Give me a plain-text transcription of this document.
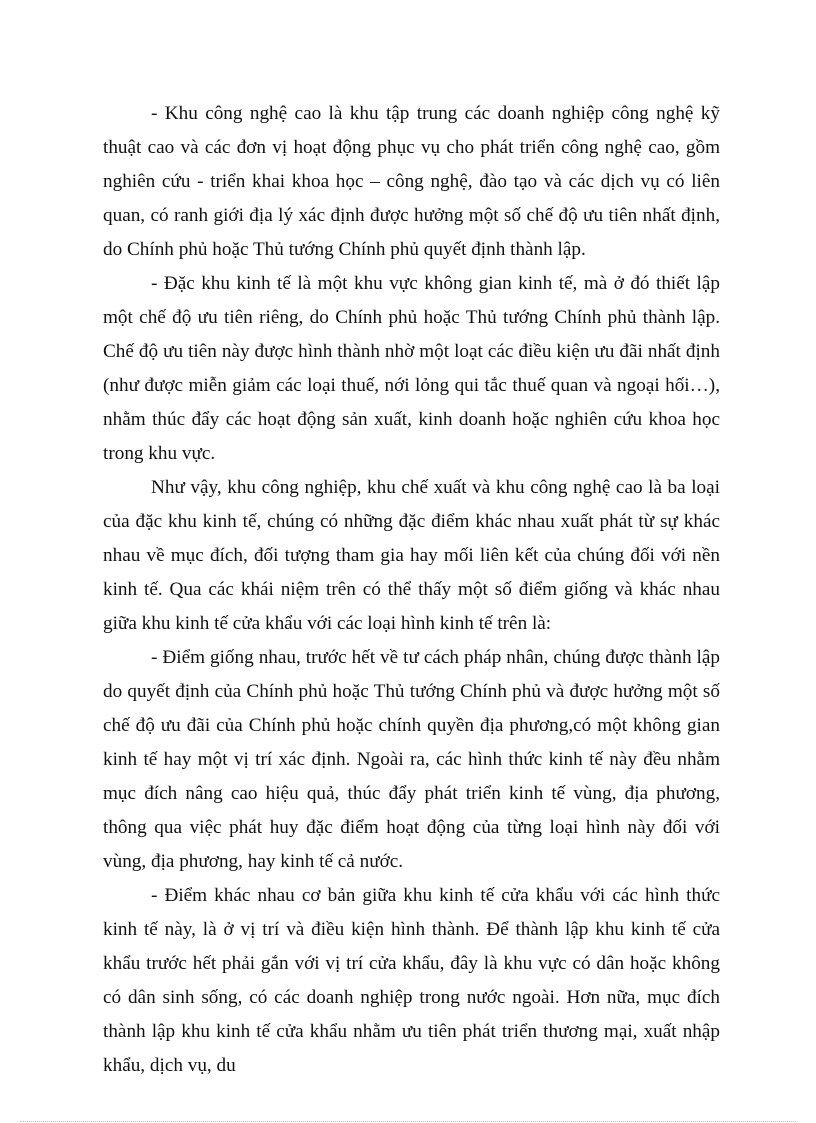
- Khu công nghệ cao là khu tập trung các doanh nghiệp công nghệ kỹ thuật cao và các đơn vị hoạt động phục vụ cho phát triển công nghệ cao, gồm nghiên cứu - triển khai khoa học – công nghệ, đào tạo và các dịch vụ có liên quan, có ranh giới địa lý xác định được hưởng một số chế độ ưu tiên nhất định, do Chính phủ hoặc Thủ tướng Chính phủ quyết định thành lập.

- Đặc khu kinh tế là một khu vực không gian kinh tế, mà ở đó thiết lập một chế độ ưu tiên riêng, do Chính phủ hoặc Thủ tướng Chính phủ thành lập. Chế độ ưu tiên này được hình thành nhờ một loạt các điều kiện ưu đãi nhất định (như được miễn giảm các loại thuế, nới lỏng qui tắc thuế quan và ngoại hối…), nhằm thúc đẩy các hoạt động sản xuất, kinh doanh hoặc nghiên cứu khoa học trong khu vực.

Như vậy, khu công nghiệp, khu chế xuất và khu công nghệ cao là ba loại của đặc khu kinh tế, chúng có những đặc điểm khác nhau xuất phát từ sự khác nhau về mục đích, đối tượng tham gia hay mối liên kết của chúng đối với nền kinh tế. Qua các khái niệm trên có thể thấy một số điểm giống và khác nhau giữa khu kinh tế cửa khẩu với các loại hình kinh tế trên là:

- Điểm giống nhau, trước hết về tư cách pháp nhân, chúng được thành lập do quyết định của Chính phủ hoặc Thủ tướng Chính phủ và được hưởng một số chế độ ưu đãi của Chính phủ hoặc chính quyền địa phương,có một không gian kinh tế hay một vị trí xác định. Ngoài ra, các hình thức kinh tế này đều nhằm mục đích nâng cao hiệu quả, thúc đẩy phát triển kinh tế vùng, địa phương, thông qua việc phát huy đặc điểm hoạt động của từng loại hình này đối với vùng, địa phương, hay kinh tế cả nước.

- Điểm khác nhau cơ bản giữa khu kinh tế cửa khẩu với các hình thức kinh tế này, là ở vị trí và điều kiện hình thành. Để thành lập khu kinh tế cửa khẩu trước hết phải gắn với vị trí cửa khẩu, đây là khu vực có dân hoặc không có dân sinh sống, có các doanh nghiệp trong nước ngoài. Hơn nữa, mục đích thành lập khu kinh tế cửa khẩu nhằm ưu tiên phát triển thương mại, xuất nhập khẩu, dịch vụ, du
